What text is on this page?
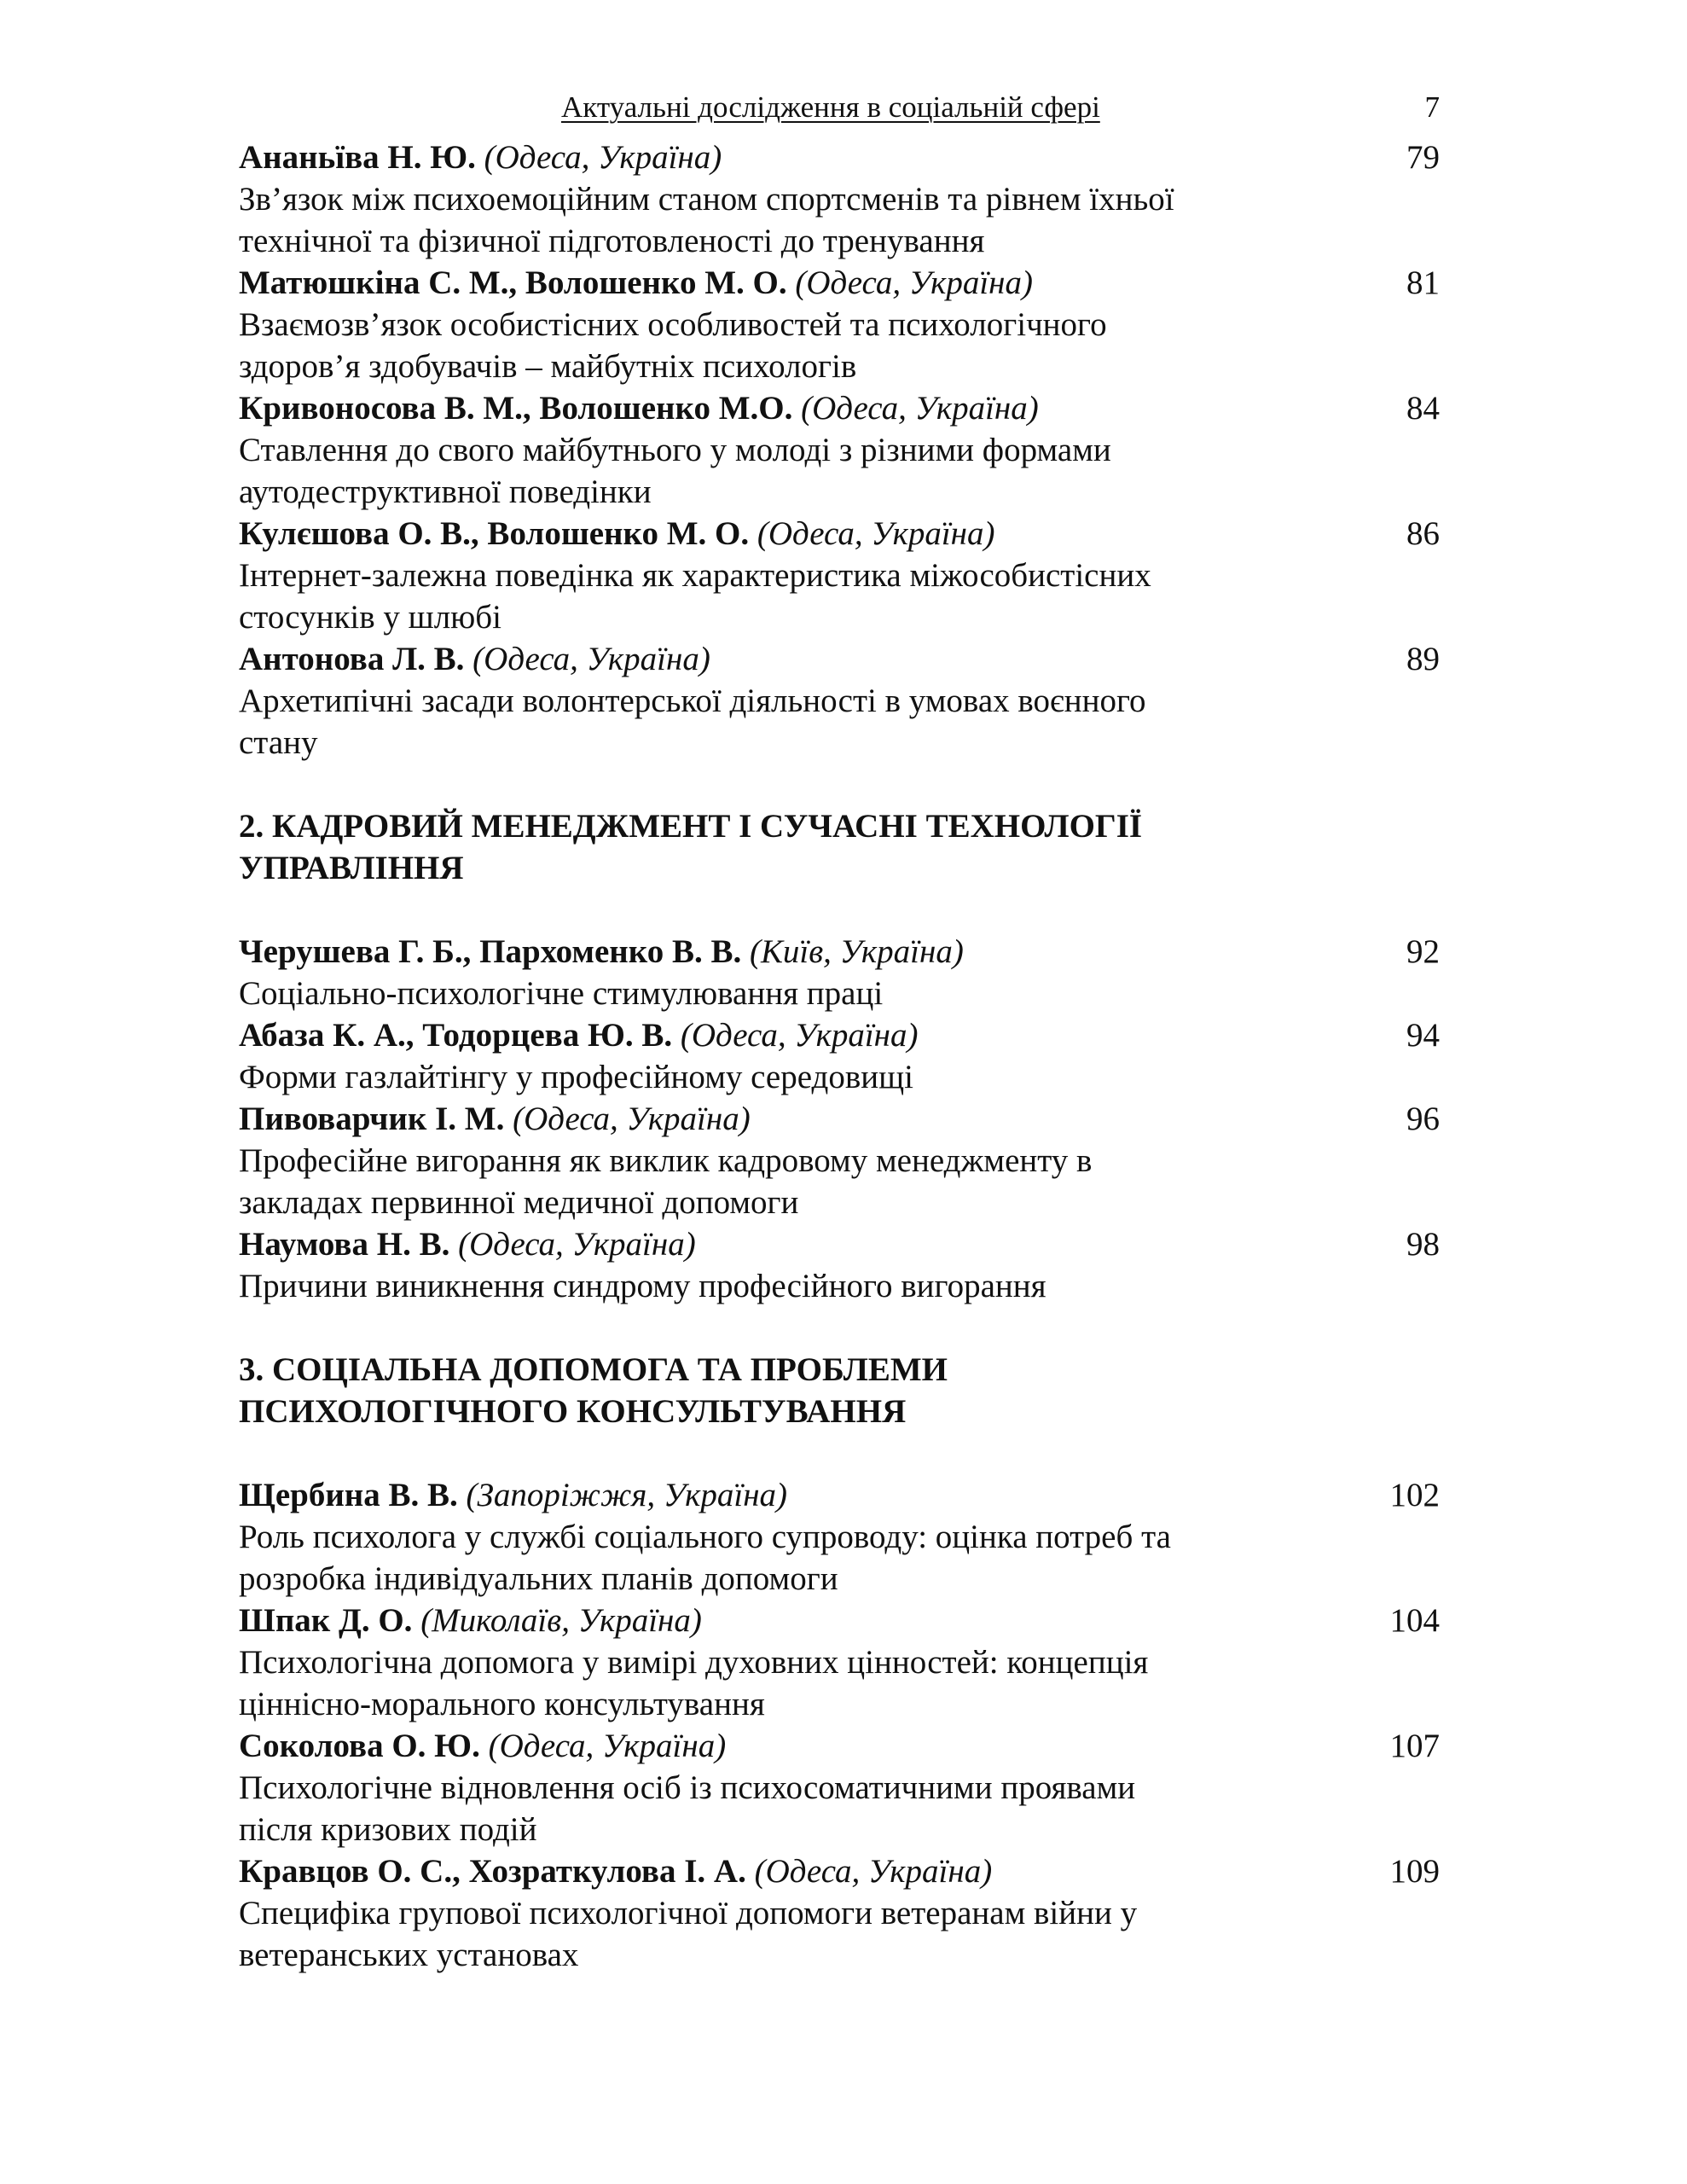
Актуальні дослідження в соціальній сфері	7
Ананьїва Н. Ю. (Одеса, Україна)	79
Зв’язок між психоемоційним станом спортсменів та рівнем їхньої
технічної та фізичної підготовленості до тренування
Матюшкіна С. М., Волошенко М. О. (Одеса, Україна)	81
Взаємозв’язок особистісних особливостей та психологічного
здоров’я здобувачів – майбутніх психологів
Кривоносова В. М., Волошенко М.О. (Одеса, Україна)	84
Ставлення до свого майбутнього у молоді з різними формами
аутодеструктивної поведінки
Кулєшова О. В., Волошенко М. О. (Одеса, Україна)	86
Інтернет-залежна поведінка як характеристика міжособистісних
стосунків у шлюбі
Антонова Л. В. (Одеса, Україна)	89
Архетипічні засади волонтерської діяльності в умовах воєнного
стану
2. КАДРОВИЙ МЕНЕДЖМЕНТ І СУЧАСНІ ТЕХНОЛОГІЇ
УПРАВЛІННЯ
Черушева Г. Б., Пархоменко В. В. (Київ, Україна)	92
Соціально-психологічне стимулювання праці
Абаза К. А., Тодорцева Ю. В. (Одеса, Україна)	94
Форми газлайтінгу у професійному середовищі
Пивоварчик І. М. (Одеса, Україна)	96
Професійне вигорання як виклик кадровому менеджменту в
закладах первинної медичної допомоги
Наумова Н. В. (Одеса, Україна)	98
Причини виникнення синдрому професійного вигорання
3. СОЦІАЛЬНА ДОПОМОГА ТА ПРОБЛЕМИ
ПСИХОЛОГІЧНОГО КОНСУЛЬТУВАННЯ
Щербина В. В. (Запоріжжя, Україна)	102
Роль психолога у службі соціального супроводу: оцінка потреб та
розробка індивідуальних планів допомоги
Шпак Д. О. (Миколаїв, Україна)	104
Психологічна допомога у вимірі духовних цінностей: концепція
ціннісно-морального консультування
Соколова О. Ю. (Одеса, Україна)	107
Психологічне відновлення осіб із психосоматичними проявами
після кризових подій
Кравцов О. С., Хозраткулова І. А. (Одеса, Україна)	109
Специфіка групової психологічної допомоги ветеранам війни у
ветеранських установах
